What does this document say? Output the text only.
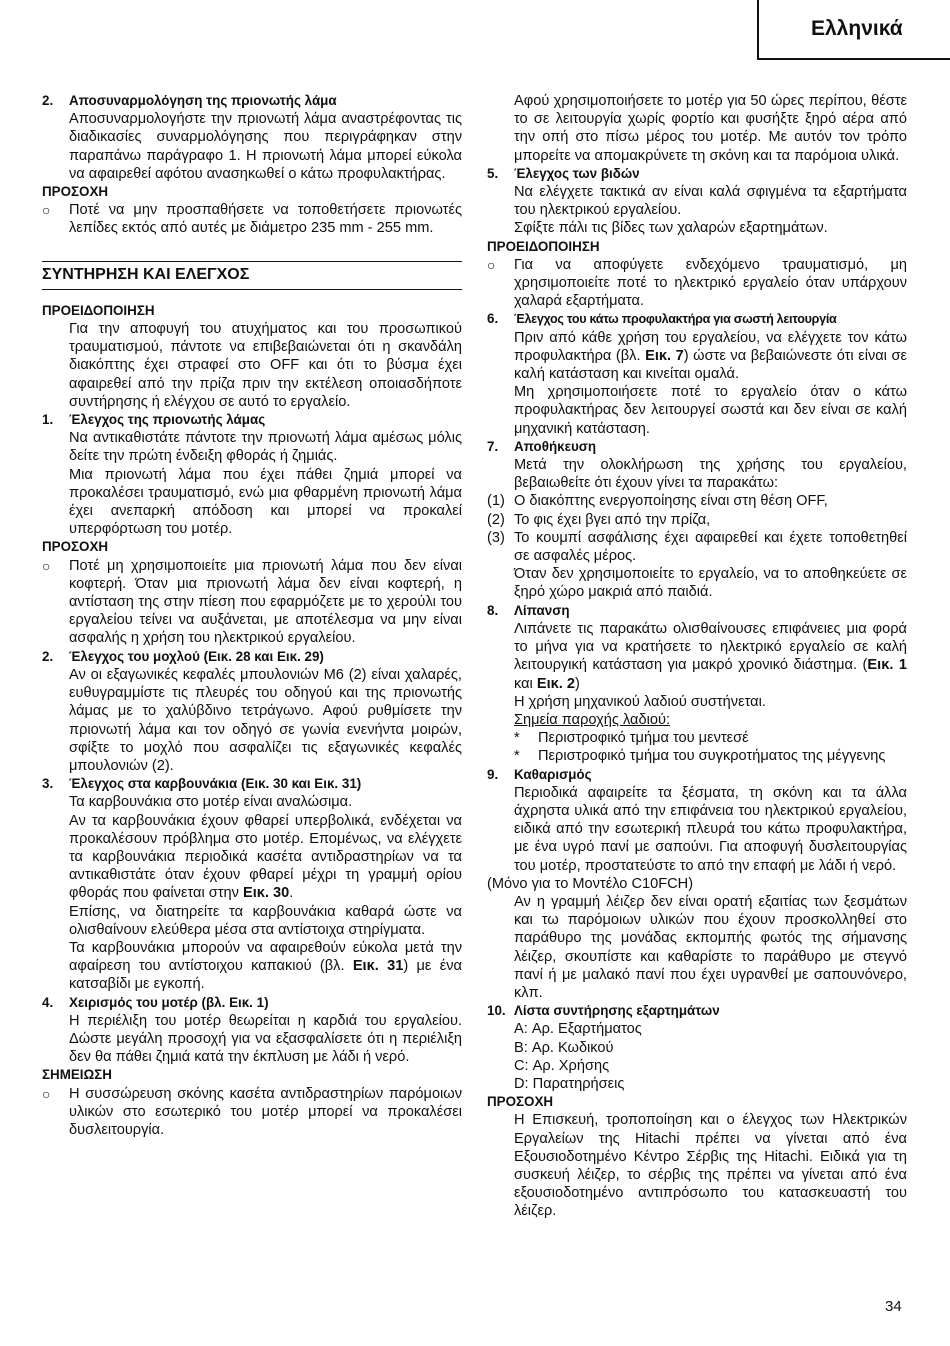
Ελληνικά
2.	Αποσυναρμολόγηση της πριονωτής λάμα

Αποσυναρμολογήστε την πριονωτή λάμα αναστρέφοντας τις διαδικασίες συναρμολόγησης που περιγράφηκαν στην παραπάνω παράγραφο 1. Η πριονωτή λάμα μπορεί εύκολα να αφαιρεθεί αφότου ανασηκωθεί ο κάτω προφυλακτήρας.

ΠΡΟΣΟΧΗ
○	Ποτέ να μην προσπαθήσετε να τοποθετήσετε πριονωτές λεπίδες εκτός από αυτές με διάμετρο 235 mm - 255 mm.
ΣΥΝΤΗΡΗΣΗ ΚΑΙ ΕΛΕΓΧΟΣ
ΠΡΟΕΙΔΟΠΟΙΗΣΗ

Για την αποφυγή του ατυχήματος και του προσωπικού τραυματισμού, πάντοτε να επιβεβαιώνεται ότι η σκανδάλη διακόπτης έχει στραφεί στο OFF και ότι το βύσμα έχει αφαιρεθεί από την πρίζα πριν την εκτέλεση οποιασδήποτε συντήρησης ή ελέγχου σε αυτό το εργαλείο.

1.	Έλεγχος της πριονωτής λάμας

Να αντικαθιστάτε πάντοτε την πριονωτή λάμα αμέσως μόλις δείτε την πρώτη ένδειξη φθοράς ή ζημιάς.

Μια πριονωτή λάμα που έχει πάθει ζημιά μπορεί να προκαλέσει τραυματισμό, ενώ μια φθαρμένη πριονωτή λάμα έχει ανεπαρκή απόδοση και μπορεί να προκαλεί υπερφόρτωση του μοτέρ.

ΠΡΟΣΟΧΗ
○	Ποτέ μη χρησιμοποιείτε μια πριονωτή λάμα που δεν είναι κοφτερή. Όταν μια πριονωτή λάμα δεν είναι κοφτερή, η αντίσταση της στην πίεση που εφαρμόζετε με το χερούλι του εργαλείου τείνει να αυξάνεται, με αποτέλεσμα να μην είναι ασφαλής η χρήση του ηλεκτρικού εργαλείου.
2.	Έλεγχος του μοχλού (Εικ. 28 και Εικ. 29)

Αν οι εξαγωνικές κεφαλές μπουλονιών M6 (2) είναι χαλαρές, ευθυγραμμίστε τις πλευρές του οδηγού και της πριονωτής λάμας με το χαλύβδινο τετράγωνο. Αφού ρυθμίσετε την πριονωτή λάμα και τον οδηγό σε γωνία ενενήντα μοιρών, σφίξτε το μοχλό που ασφαλίζει τις εξαγωνικές κεφαλές μπουλονιών (2).

3.	Έλεγχος στα καρβουνάκια (Εικ. 30 και Εικ. 31)

Τα καρβουνάκια στο μοτέρ είναι αναλώσιμα.

Αν τα καρβουνάκια έχουν φθαρεί υπερβολικά, ενδέχεται να προκαλέσουν πρόβλημα στο μοτέρ. Επομένως, να ελέγχετε τα καρβουνάκια περιοδικά κασέτα αντιδραστηρίων να τα αντικαθιστάτε όταν έχουν φθαρεί μέχρι τη γραμμή ορίου φθοράς που φαίνεται στην Εικ. 30.

Επίσης, να διατηρείτε τα καρβουνάκια καθαρά ώστε να ολισθαίνουν ελεύθερα μέσα στα αντίστοιχα στηρίγματα.

Τα καρβουνάκια μπορούν να αφαιρεθούν εύκολα μετά την αφαίρεση του αντίστοιχου καπακιού (βλ. Εικ. 31) με ένα κατσαβίδι με εγκοπή.

4.	Χειρισμός του μοτέρ (βλ. Εικ. 1)

Η περιέλιξη του μοτέρ θεωρείται η καρδιά του εργαλείου. Δώστε μεγάλη προσοχή για να εξασφαλίσετε ότι η περιέλιξη δεν θα πάθει ζημιά κατά την έκπλυση με λάδι ή νερό.

ΣΗΜΕΙΩΣΗ
○	Η συσσώρευση σκόνης κασέτα αντιδραστηρίων παρόμοιων υλικών στο εσωτερικό του μοτέρ μπορεί να προκαλέσει δυσλειτουργία.

Αφού χρησιμοποιήσετε το μοτέρ για 50 ώρες περίπου, θέστε το σε λειτουργία χωρίς φορτίο και φυσήξτε ξηρό αέρα από την οπή στο πίσω μέρος του μοτέρ. Με αυτόν τον τρόπο μπορείτε να απομακρύνετε τη σκόνη και τα παρόμοια υλικά.

5.	Έλεγχος των βιδών

Να ελέγχετε τακτικά αν είναι καλά σφιγμένα τα εξαρτήματα του ηλεκτρικού εργαλείου.

Σφίξτε πάλι τις βίδες των χαλαρών εξαρτημάτων.

ΠΡΟΕΙΔΟΠΟΙΗΣΗ
○	Για να αποφύγετε ενδεχόμενο τραυματισμό, μη χρησιμοποιείτε ποτέ το ηλεκτρικό εργαλείο όταν υπάρχουν χαλαρά εξαρτήματα.
6.	Έλεγχος του κάτω προφυλακτήρα για σωστή λειτουργία

Πριν από κάθε χρήση του εργαλείου, να ελέγχετε τον κάτω προφυλακτήρα (βλ. Εικ. 7) ώστε να βεβαιώνεστε ότι είναι σε καλή κατάσταση και κινείται ομαλά.

Μη χρησιμοποιήσετε ποτέ το εργαλείο όταν ο κάτω προφυλακτήρας δεν λειτουργεί σωστά και δεν είναι σε καλή μηχανική κατάσταση.

7.	Αποθήκευση

Μετά την ολοκλήρωση της χρήσης του εργαλείου, βεβαιωθείτε ότι έχουν γίνει τα παρακάτω:

(1) Ο διακόπτης ενεργοποίησης είναι στη θέση OFF,
(2) Το φις έχει βγει από την πρίζα,
(3) Το κουμπί ασφάλισης έχει αφαιρεθεί και έχετε τοποθετηθεί σε ασφαλές μέρος.

Όταν δεν χρησιμοποιείτε το εργαλείο, να το αποθηκεύετε σε ξηρό χώρο μακριά από παιδιά.

8.	Λίπανση

Λιπάνετε τις παρακάτω ολισθαίνουσες επιφάνειες μια φορά το μήνα για να κρατήσετε το ηλεκτρικό εργαλείο σε καλή λειτουργική κατάσταση για μακρό χρονικό διάστημα. (Εικ. 1 και Εικ. 2)

Η χρήση μηχανικού λαδιού συστήνεται.

Σημεία παροχής λαδιού:

*	Περιστροφικό τμήμα του μεντεσέ
*	Περιστροφικό τμήμα του συγκροτήματος της μέγγενης
9.	Καθαρισμός

Περιοδικά αφαιρείτε τα ξέσματα, τη σκόνη και τα άλλα άχρηστα υλικά από την επιφάνεια του ηλεκτρικού εργαλείου, ειδικά από την εσωτερική πλευρά του κάτω προφυλακτήρα, με ένα υγρό πανί με σαπούνι. Για αποφυγή δυσλειτουργίας του μοτέρ, προστατεύστε το από την επαφή με λάδι ή νερό.

(Μόνο για το Μοντέλο C10FCH)

Αν η γραμμή λέιζερ δεν είναι ορατή εξαιτίας των ξεσμάτων και τω παρόμοιων υλικών που έχουν προσκολληθεί στο παράθυρο της μονάδας εκπομπής φωτός της σήμανσης λέιζερ, σκουπίστε και καθαρίστε το παράθυρο με στεγνό πανί ή με μαλακό πανί που έχει υγρανθεί με σαπουνόνερο, κλπ.

10. Λίστα συντήρησης εξαρτημάτων

A: Αρ. Εξαρτήματος

B: Αρ. Κωδικού

C: Αρ. Χρήσης

D: Παρατηρήσεις

ΠΡΟΣΟΧΗ

Η Επισκευή, τροποποίηση και ο έλεγχος των Ηλεκτρικών Εργαλείων της Hitachi πρέπει να γίνεται από ένα Εξουσιοδοτημένο Κέντρο Σέρβις της Hitachi. Ειδικά για τη συσκευή λέιζερ, το σέρβις της πρέπει να γίνεται από ένα εξουσιοδοτημένο αντιπρόσωπο του κατασκευαστή του λέιζερ.

34
